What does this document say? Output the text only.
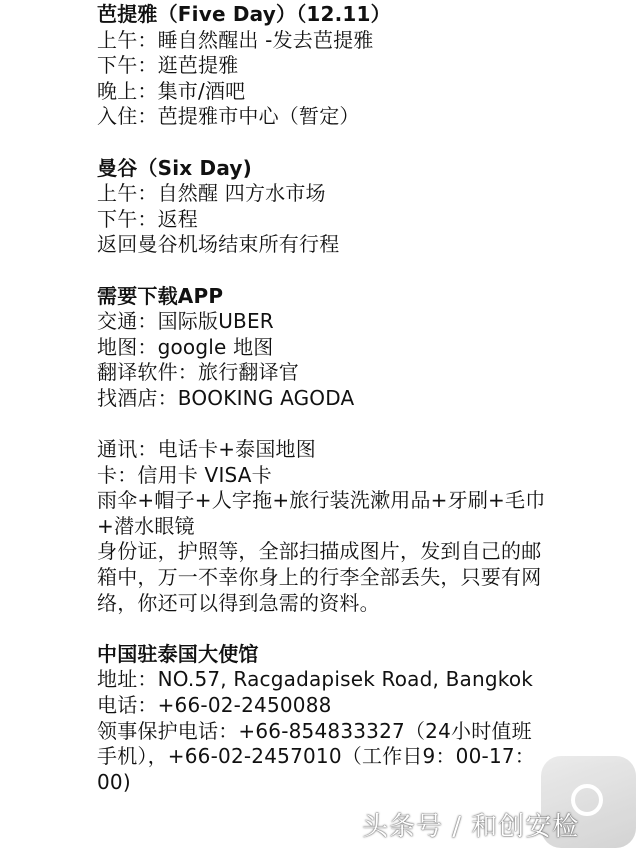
芭提雅（Five Day）（12.11）
上午：睡自然醒出 -发去芭提雅
下午：逛芭提雅
晚上：集市/酒吧
入住：芭提雅市中心（暂定）
曼谷（Six Day)
上午：自然醒 四方水市场
下午：返程
返回曼谷机场结束所有行程
需要下载APP
交通：国际版UBER
地图：google 地图
翻译软件：旅行翻译官
找酒店：BOOKING AGODA
通讯：电话卡+泰国地图
卡：信用卡 VISA卡
雨伞+帽子+人字拖+旅行装洗漱用品+牙刷+毛巾+潜水眼镜
身份证，护照等，全部扫描成图片，发到自己的邮箱中，万一不幸你身上的行李全部丢失，只要有网络，你还可以得到急需的资料。
中国驻泰国大使馆
地址：NO.57, Racgadapisek Road, Bangkok
电话：+66-02-2450088
领事保护电话：+66-854833327（24小时值班手机），+66-02-2457010（工作日9：00-17：00)
头条号 / 和创安检
